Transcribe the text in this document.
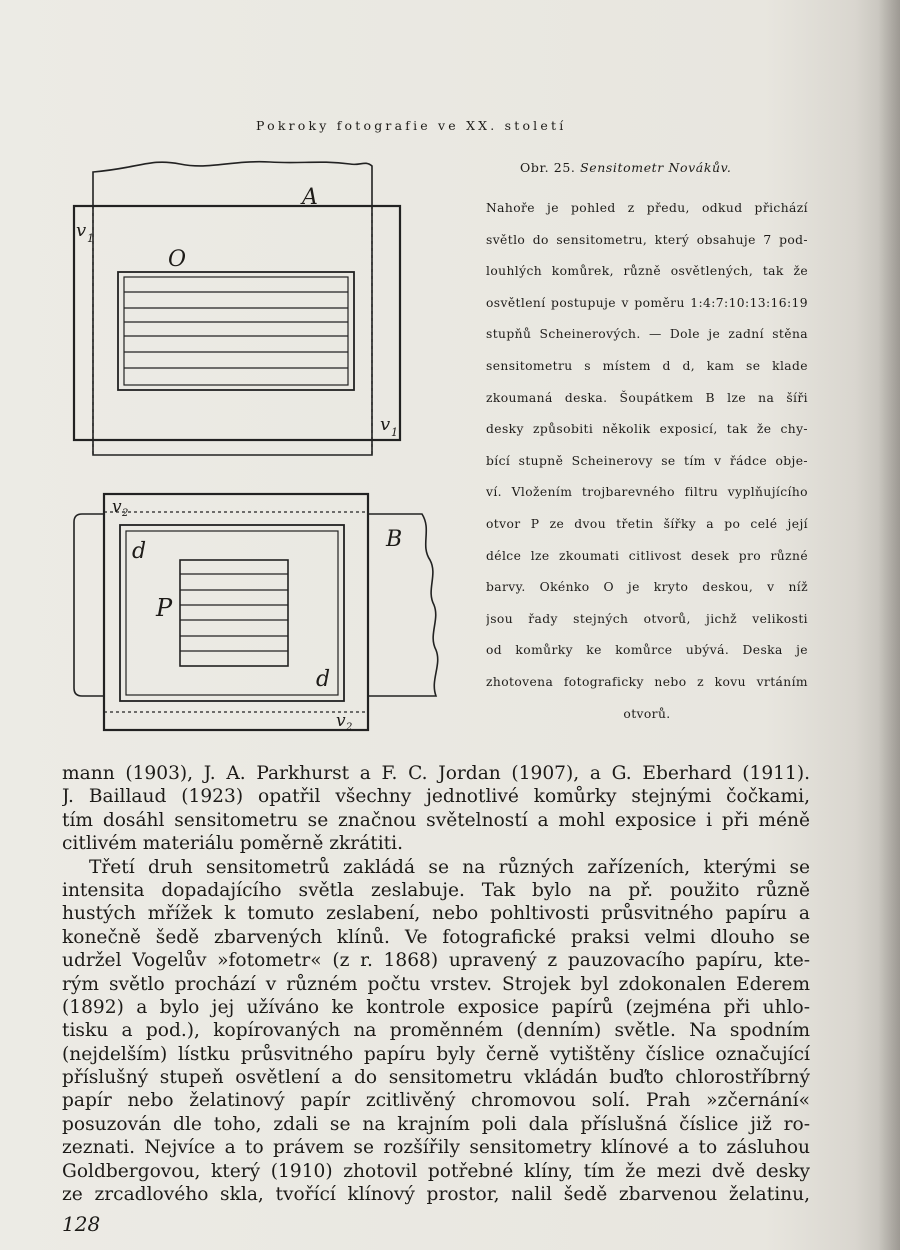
Pokroky fotografie ve XX. století
A
O
v 1
v 1
v 2
v 2
B
d
d
P
Obr. 25. Sensitometr Novákův.
Nahoře je pohled z předu, odkud přichází
světlo do sensitometru, který obsahuje 7 pod-
louhlých komůrek, různě osvětlených, tak že
osvětlení postupuje v poměru 1:4:7:10:13:16:19
stupňů Scheinerových. — Dole je zadní stěna
sensitometru s místem d d, kam se klade
zkoumaná deska. Šoupátkem B lze na šíři
desky způsobiti několik exposicí, tak že chy-
bící stupně Scheinerovy se tím v řádce obje-
ví. Vložením trojbarevného filtru vyplňujícího
otvor P ze dvou třetin šířky a po celé její
délce lze zkoumati citlivost desek pro různé
barvy. Okénko O je kryto deskou, v níž
jsou řady stejných otvorů, jichž velikosti
od komůrky ke komůrce ubývá. Deska je
zhotovena fotograficky nebo z kovu vrtáním
otvorů.
mann (1903), J. A. Parkhurst a F. C. Jordan (1907), a G. Eberhard (1911).
J. Baillaud (1923) opatřil všechny jednotlivé komůrky stejnými čočkami,
tím dosáhl sensitometru se značnou světelností a mohl exposice i při méně
citlivém materiálu poměrně zkrátiti.
Třetí druh sensitometrů zakládá se na různých zařízeních, kterými se
intensita dopadajícího světla zeslabuje. Tak bylo na př. použito různě
hustých mřížek k tomuto zeslabení, nebo pohltivosti průsvitného papíru a
konečně šedě zbarvených klínů. Ve fotografické praksi velmi dlouho se
udržel Vogelův »fotometr« (z r. 1868) upravený z pauzovacího papíru, kte-
rým světlo prochází v různém počtu vrstev. Strojek byl zdokonalen Ederem
(1892) a bylo jej užíváno ke kontrole exposice papírů (zejména při uhlo-
tisku a pod.), kopírovaných na proměnném (denním) světle. Na spodním
(nejdelším) lístku průsvitného papíru byly černě vytištěny číslice označující
příslušný stupeň osvětlení a do sensitometru vkládán buďto chlorostříbrný
papír nebo želatinový papír zcitlivěný chromovou solí. Prah »zčernání«
posuzován dle toho, zdali se na krajním poli dala příslušná číslice již ro-
zeznati. Nejvíce a to právem se rozšířily sensitometry klínové a to zásluhou
Goldbergovou, který (1910) zhotovil potřebné klíny, tím že mezi dvě desky
ze zrcadlového skla, tvořící klínový prostor, nalil šedě zbarvenou želatinu,
128
